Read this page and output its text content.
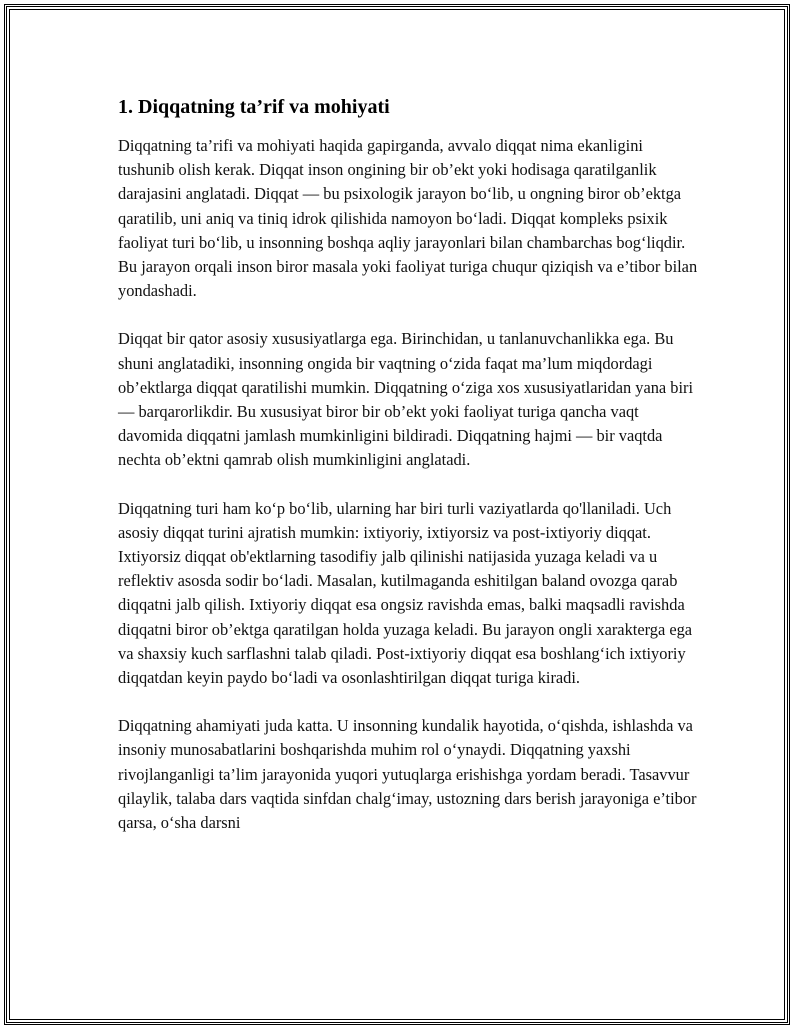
1. Diqqatning ta’rif va mohiyati

Diqqatning ta’rifi va mohiyati haqida gapirganda, avvalo diqqat nima ekanligini tushunib olish kerak. Diqqat inson ongining bir ob’ekt yoki hodisaga qaratilganlik darajasini anglatadi. Diqqat — bu psixologik jarayon bo‘lib, u ongning biror ob’ektga qaratilib, uni aniq va tiniq idrok qilishida namoyon bo‘ladi. Diqqat kompleks psixik faoliyat turi bo‘lib, u insonning boshqa aqliy jarayonlari bilan chambarchas bog‘liqdir. Bu jarayon orqali inson biror masala yoki faoliyat turiga chuqur qiziqish va e’tibor bilan yondashadi.

Diqqat bir qator asosiy xususiyatlarga ega. Birinchidan, u tanlanuvchanlikka ega. Bu shuni anglatadiki, insonning ongida bir vaqtning o‘zida faqat ma’lum miqdordagi ob’ektlarga diqqat qaratilishi mumkin. Diqqatning o‘ziga xos xususiyatlaridan yana biri — barqarorlikdir. Bu xususiyat biror bir ob’ekt yoki faoliyat turiga qancha vaqt davomida diqqatni jamlash mumkinligini bildiradi. Diqqatning hajmi — bir vaqtda nechta ob’ektni qamrab olish mumkinligini anglatadi.

Diqqatning turi ham ko‘p bo‘lib, ularning har biri turli vaziyatlarda qo'llaniladi. Uch asosiy diqqat turini ajratish mumkin: ixtiyoriy, ixtiyorsiz va post-ixtiyoriy diqqat. Ixtiyorsiz diqqat ob'ektlarning tasodifiy jalb qilinishi natijasida yuzaga keladi va u reflektiv asosda sodir bo‘ladi. Masalan, kutilmaganda eshitilgan baland ovozga qarab diqqatni jalb qilish. Ixtiyoriy diqqat esa ongsiz ravishda emas, balki maqsadli ravishda diqqatni biror ob’ektga qaratilgan holda yuzaga keladi. Bu jarayon ongli xarakterga ega va shaxsiy kuch sarflashni talab qiladi. Post-ixtiyoriy diqqat esa boshlang‘ich ixtiyoriy diqqatdan keyin paydo bo‘ladi va osonlashtirilgan diqqat turiga kiradi.

Diqqatning ahamiyati juda katta. U insonning kundalik hayotida, o‘qishda, ishlashda va insoniy munosabatlarini boshqarishda muhim rol o‘ynaydi. Diqqatning yaxshi rivojlanganligi ta’lim jarayonida yuqori yutuqlarga erishishga yordam beradi. Tasavvur qilaylik, talaba dars vaqtida sinfdan chalg‘imay, ustozning dars berish jarayoniga e’tibor qarsa, o‘sha darsni
